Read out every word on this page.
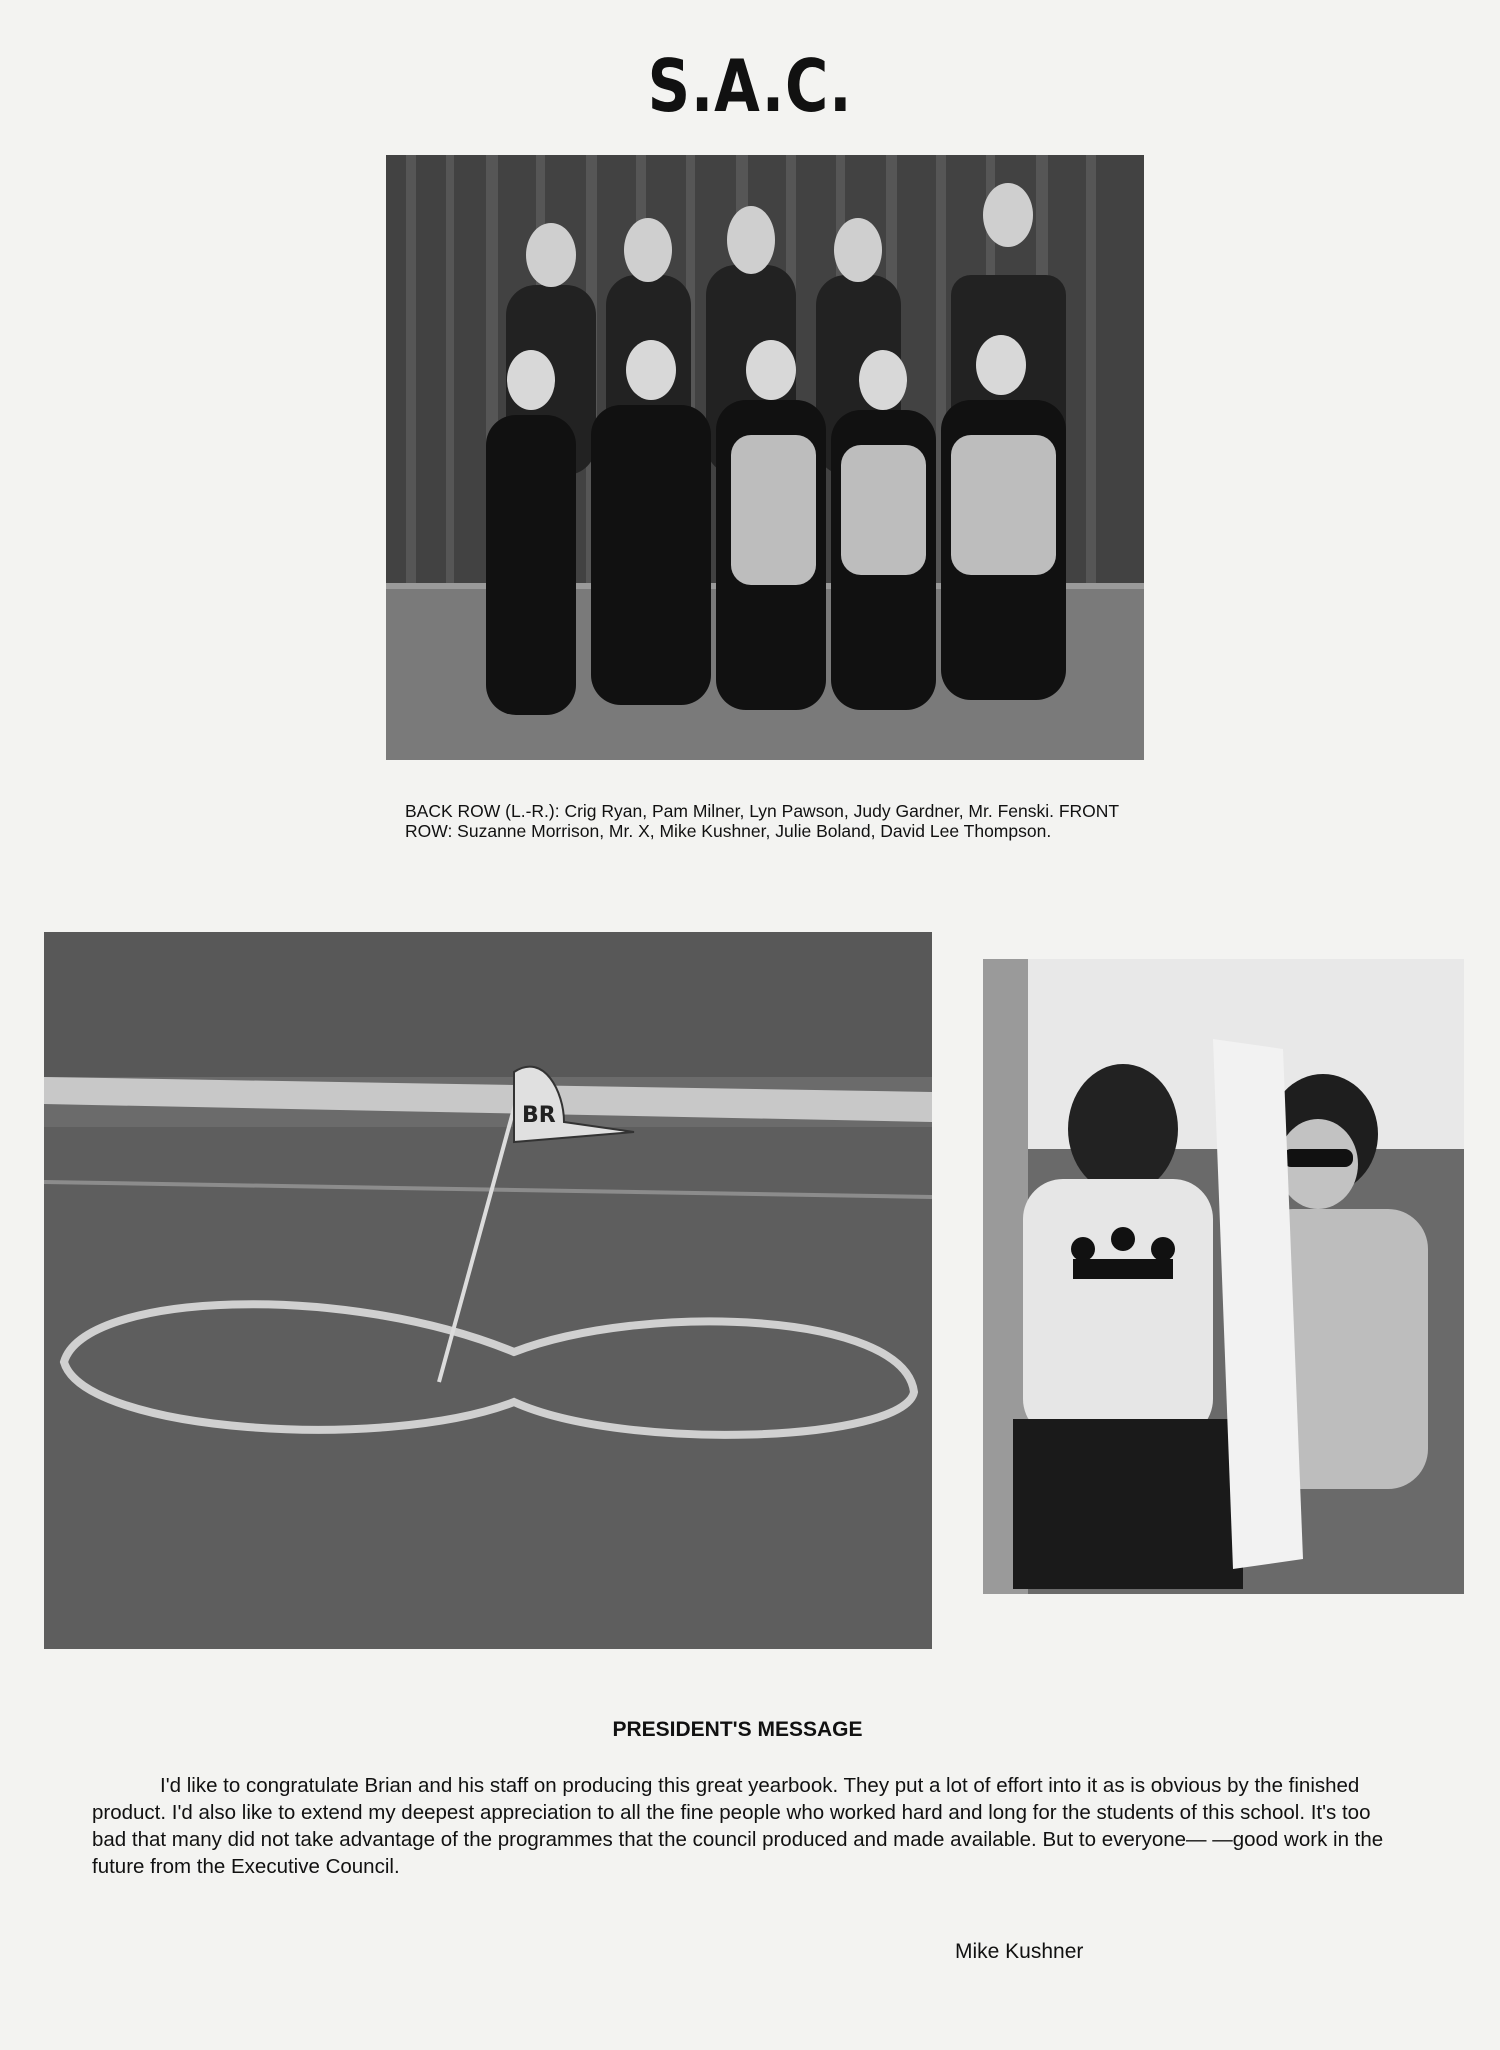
S.A.C.
BACK ROW (L.-R.): Crig Ryan, Pam Milner, Lyn Pawson, Judy Gardner, Mr. Fenski. FRONT ROW: Suzanne Morrison, Mr. X, Mike Kushner, Julie Boland, David Lee Thompson.
BR
PRESIDENT'S MESSAGE
I'd like to congratulate Brian and his staff on producing this great yearbook. They put a lot of effort into it as is obvious by the finished product. I'd also like to extend my deepest appreciation to all the fine people who worked hard and long for the students of this school. It's too bad that many did not take advantage of the programmes that the council produced and made available. But to everyone— —good work in the future from the Executive Council.
Mike Kushner
